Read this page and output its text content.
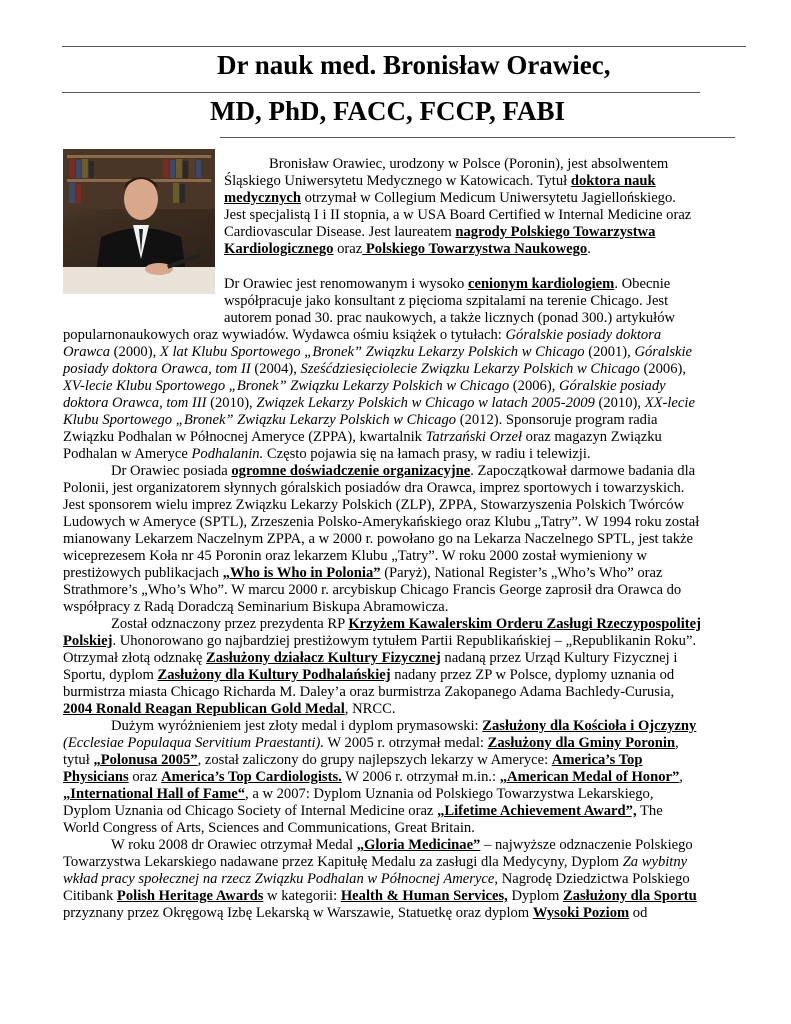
Dr nauk med. Bronisław Orawiec,
MD, PhD, FACC, FCCP, FABI
Bronisław Orawiec, urodzony w Polsce (Poronin), jest absolwentem
Śląskiego Uniwersytetu Medycznego w Katowicach. Tytuł doktora nauk
medycznych otrzymał w Collegium Medicum Uniwersytetu Jagiellońskiego.
Jest specjalistą I i II stopnia, a w USA Board Certified w Internal Medicine oraz
Cardiovascular Disease. Jest laureatem nagrody Polskiego Towarzystwa
Kardiologicznego oraz Polskiego Towarzystwa Naukowego.
Dr Orawiec jest renomowanym i wysoko cenionym kardiologiem. Obecnie
współpracuje jako konsultant z pięcioma szpitalami na terenie Chicago. Jest
autorem ponad 30. prac naukowych, a także licznych (ponad 300.) artykułów
popularnonaukowych oraz wywiadów. Wydawca ośmiu książek o tytułach: Góralskie posiady doktora
Orawca (2000), X lat Klubu Sportowego „Bronek” Związku Lekarzy Polskich w Chicago (2001), Góralskie
posiady doktora Orawca, tom II (2004), Sześćdziesięciolecie Związku Lekarzy Polskich w Chicago (2006),
XV-lecie Klubu Sportowego „Bronek” Związku Lekarzy Polskich w Chicago (2006), Góralskie posiady
doktora Orawca, tom III (2010), Związek Lekarzy Polskich w Chicago w latach 2005-2009 (2010), XX-lecie
Klubu Sportowego „Bronek” Związku Lekarzy Polskich w Chicago (2012). Sponsoruje program radia
Związku Podhalan w Północnej Ameryce (ZPPA), kwartalnik Tatrzański Orzeł oraz magazyn Związku
Podhalan w Ameryce Podhalanin. Często pojawia się na łamach prasy, w radiu i telewizji.
Dr Orawiec posiada ogromne doświadczenie organizacyjne. Zapoczątkował darmowe badania dla
Polonii, jest organizatorem słynnych góralskich posiadów dra Orawca, imprez sportowych i towarzyskich.
Jest sponsorem wielu imprez Związku Lekarzy Polskich (ZLP), ZPPA, Stowarzyszenia Polskich Twórców
Ludowych w Ameryce (SPTL), Zrzeszenia Polsko-Amerykańskiego oraz Klubu „Tatry”. W 1994 roku został
mianowany Lekarzem Naczelnym ZPPA, a w 2000 r. powołano go na Lekarza Naczelnego SPTL, jest także
wiceprezesem Koła nr 45 Poronin oraz lekarzem Klubu „Tatry”. W roku 2000 został wymieniony w
prestiżowych publikacjach „Who is Who in Polonia” (Paryż), National Register’s „Who’s Who” oraz
Strathmore’s „Who’s Who”. W marcu 2000 r. arcybiskup Chicago Francis George zaprosił dra Orawca do
współpracy z Radą Doradczą Seminarium Biskupa Abramowicza.
Został odznaczony przez prezydenta RP Krzyżem Kawalerskim Orderu Zasługi Rzeczypospolitej
Polskiej. Uhonorowano go najbardziej prestiżowym tytułem Partii Republikańskiej – „Republikanin Roku”.
Otrzymał złotą odznakę Zasłużony działacz Kultury Fizycznej nadaną przez Urząd Kultury Fizycznej i
Sportu, dyplom Zasłużony dla Kultury Podhalańskiej nadany przez ZP w Polsce, dyplomy uznania od
burmistrza miasta Chicago Richarda M. Daley’a oraz burmistrza Zakopanego Adama Bachledy-Curusia,
2004 Ronald Reagan Republican Gold Medal, NRCC.
Dużym wyróżnieniem jest złoty medal i dyplom prymasowski: Zasłużony dla Kościoła i Ojczyzny
(Ecclesiae Populaqua Servitium Praestanti). W 2005 r. otrzymał medal: Zasłużony dla Gminy Poronin,
tytuł „Polonusa 2005”, został zaliczony do grupy najlepszych lekarzy w Ameryce: America’s Top
Physicians oraz America’s Top Cardiologists. W 2006 r. otrzymał m.in.: „American Medal of Honor”,
„International Hall of Fame“, a w 2007: Dyplom Uznania od Polskiego Towarzystwa Lekarskiego,
Dyplom Uznania od Chicago Society of Internal Medicine oraz „Lifetime Achievement Award”, The
World Congress of Arts, Sciences and Communications, Great Britain.
W roku 2008 dr Orawiec otrzymał Medal „Gloria Medicinae” – najwyższe odznaczenie Polskiego
Towarzystwa Lekarskiego nadawane przez Kapitułę Medalu za zasługi dla Medycyny, Dyplom Za wybitny
wkład pracy społecznej na rzecz Związku Podhalan w Północnej Ameryce, Nagrodę Dziedzictwa Polskiego
Citibank Polish Heritage Awards w kategorii: Health & Human Services, Dyplom Zasłużony dla Sportu
przyznany przez Okręgową Izbę Lekarską w Warszawie, Statuetkę oraz dyplom Wysoki Poziom od
